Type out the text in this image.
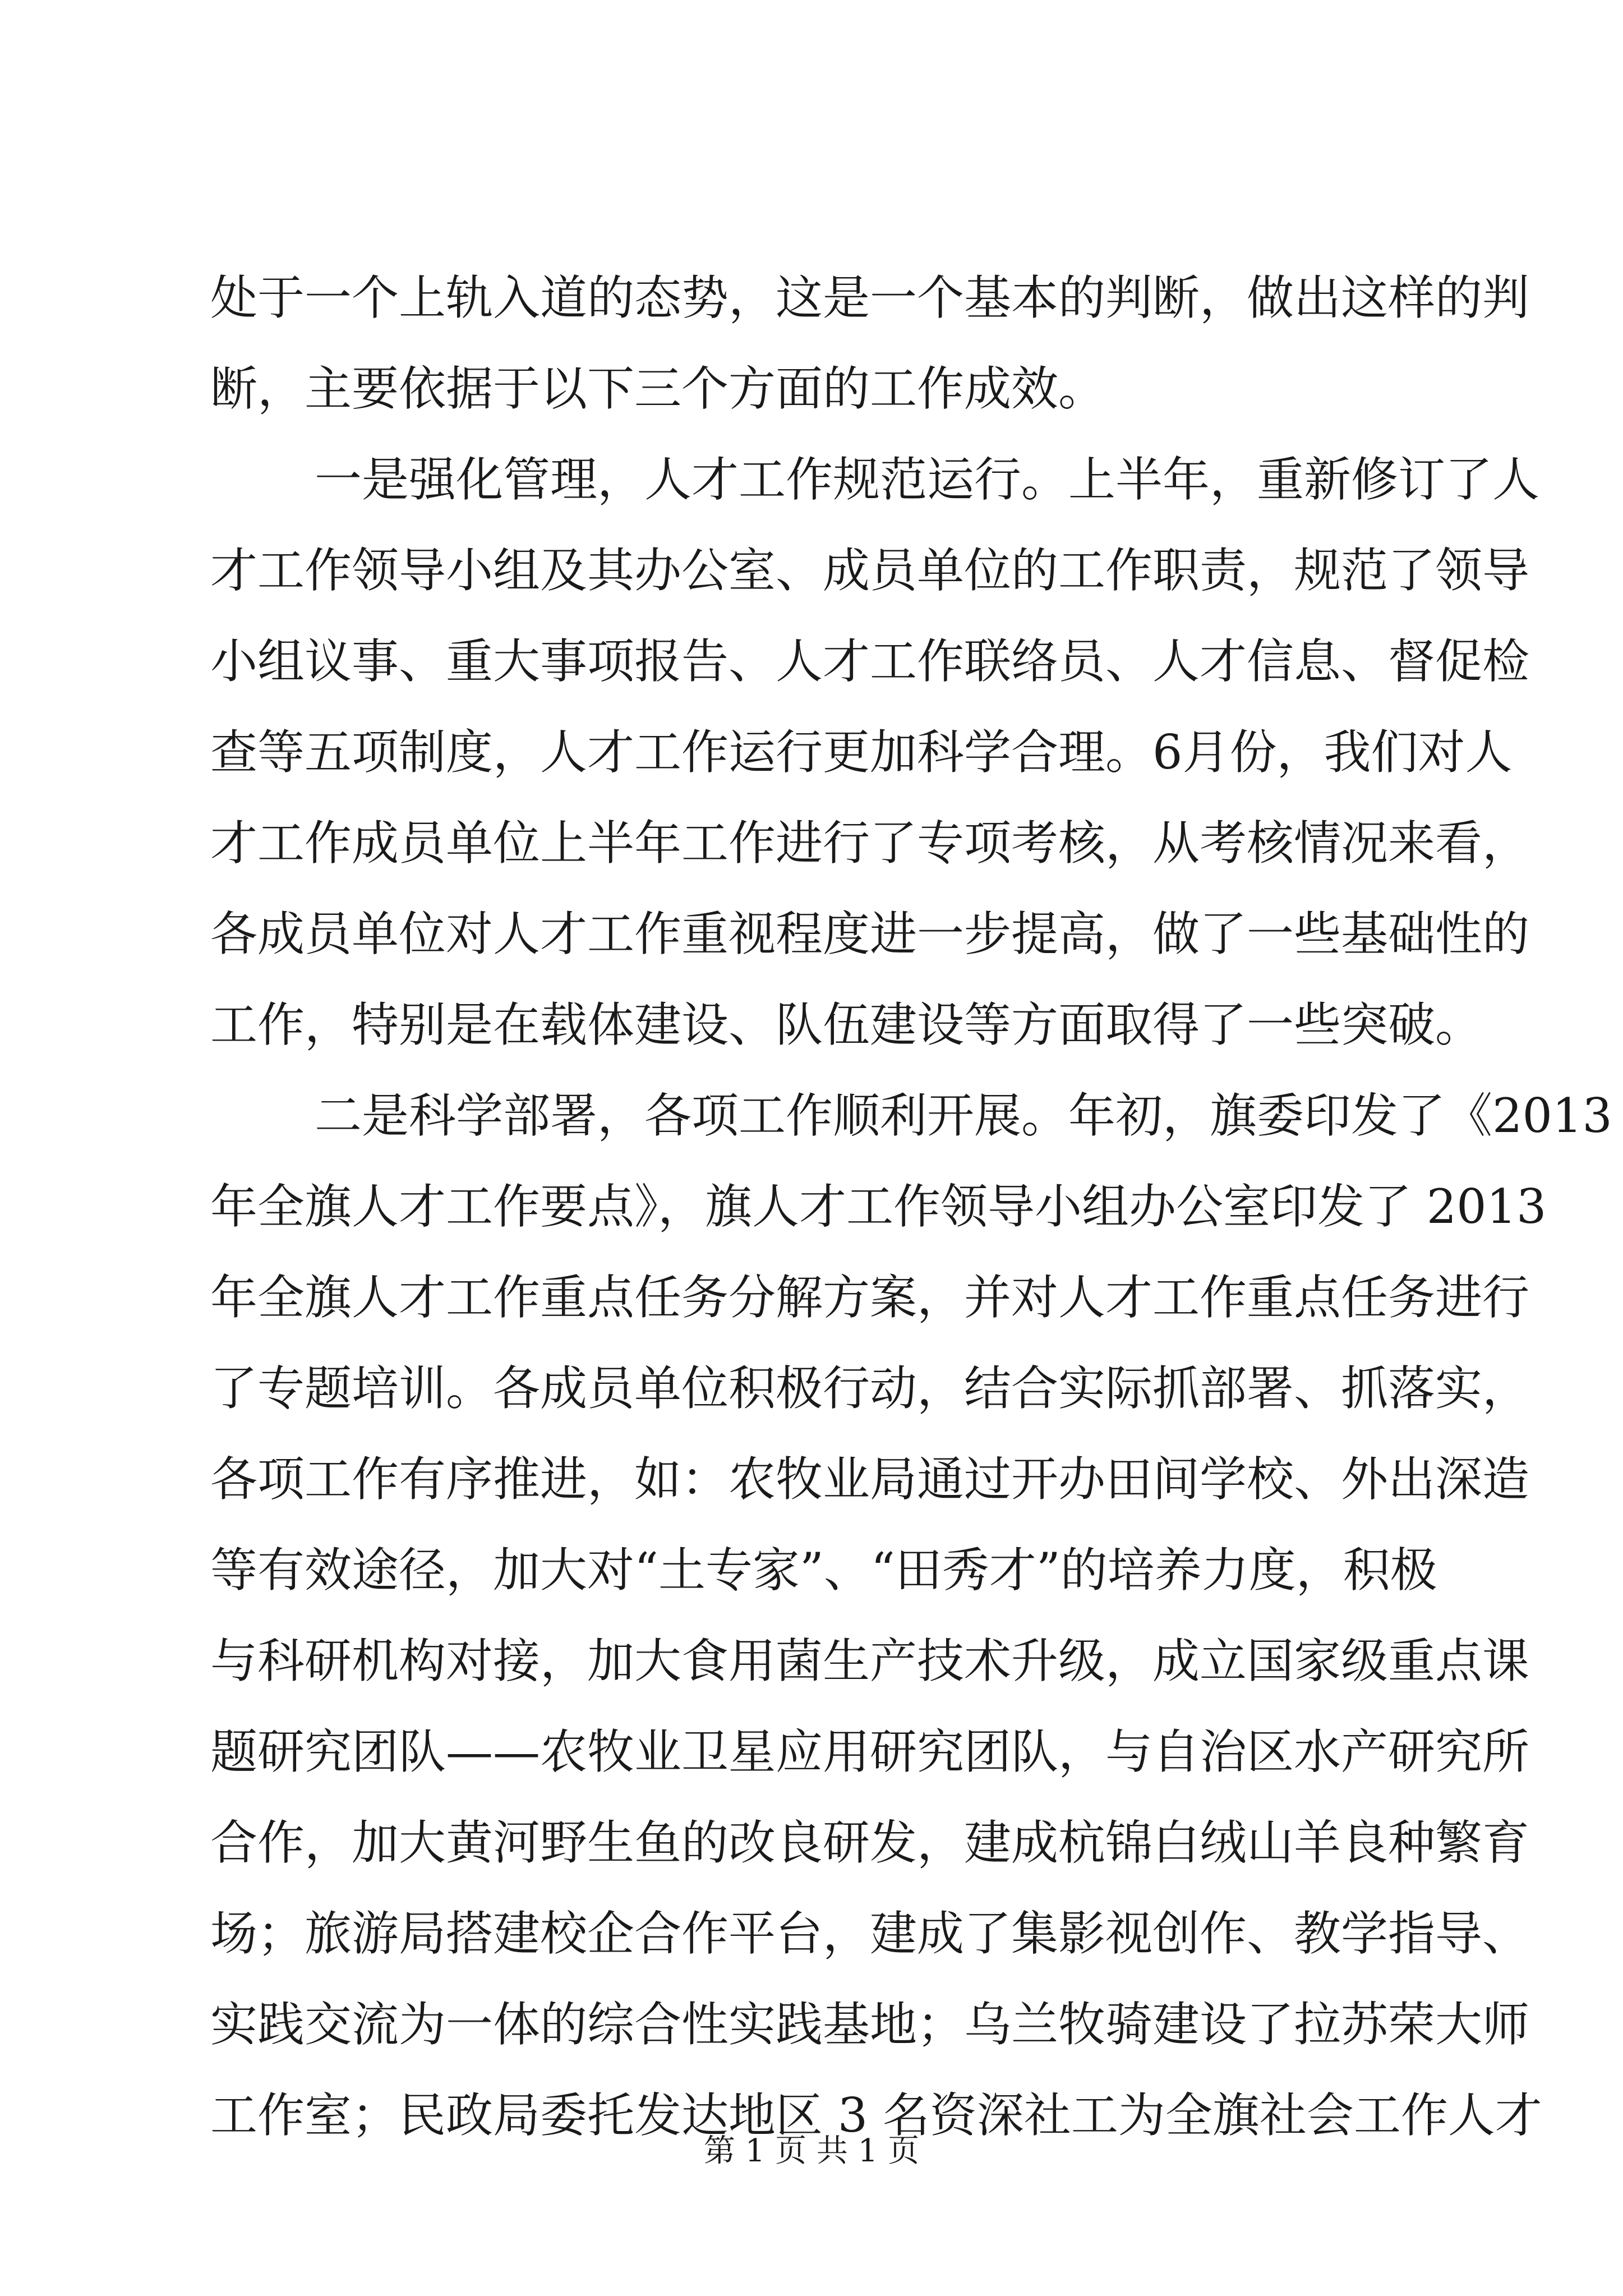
处于一个上轨入道的态势，这是一个基本的判断，做出这样的判
断，主要依据于以下三个方面的工作成效。
一是强化管理，人才工作规范运行。上半年，重新修订了人
才工作领导小组及其办公室、成员单位的工作职责，规范了领导
小组议事、重大事项报告、人才工作联络员、人才信息、督促检
查等五项制度，人才工作运行更加科学合理。6月份，我们对人
才工作成员单位上半年工作进行了专项考核，从考核情况来看，
各成员单位对人才工作重视程度进一步提高，做了一些基础性的
工作，特别是在载体建设、队伍建设等方面取得了一些突破。
二是科学部署，各项工作顺利开展。年初，旗委印发了《2013
年全旗人才工作要点》，旗人才工作领导小组办公室印发了 2013
年全旗人才工作重点任务分解方案，并对人才工作重点任务进行
了专题培训。各成员单位积极行动，结合实际抓部署、抓落实，
各项工作有序推进，如：农牧业局通过开办田间学校、外出深造
等有效途径，加大对“土专家”、“田秀才”的培养力度，积极
与科研机构对接，加大食用菌生产技术升级，成立国家级重点课
题研究团队——农牧业卫星应用研究团队，与自治区水产研究所
合作，加大黄河野生鱼的改良研发，建成杭锦白绒山羊良种繁育
场；旅游局搭建校企合作平台，建成了集影视创作、教学指导、
实践交流为一体的综合性实践基地；乌兰牧骑建设了拉苏荣大师
工作室；民政局委托发达地区 3 名资深社工为全旗社会工作人才
第 1 页 共 1 页
